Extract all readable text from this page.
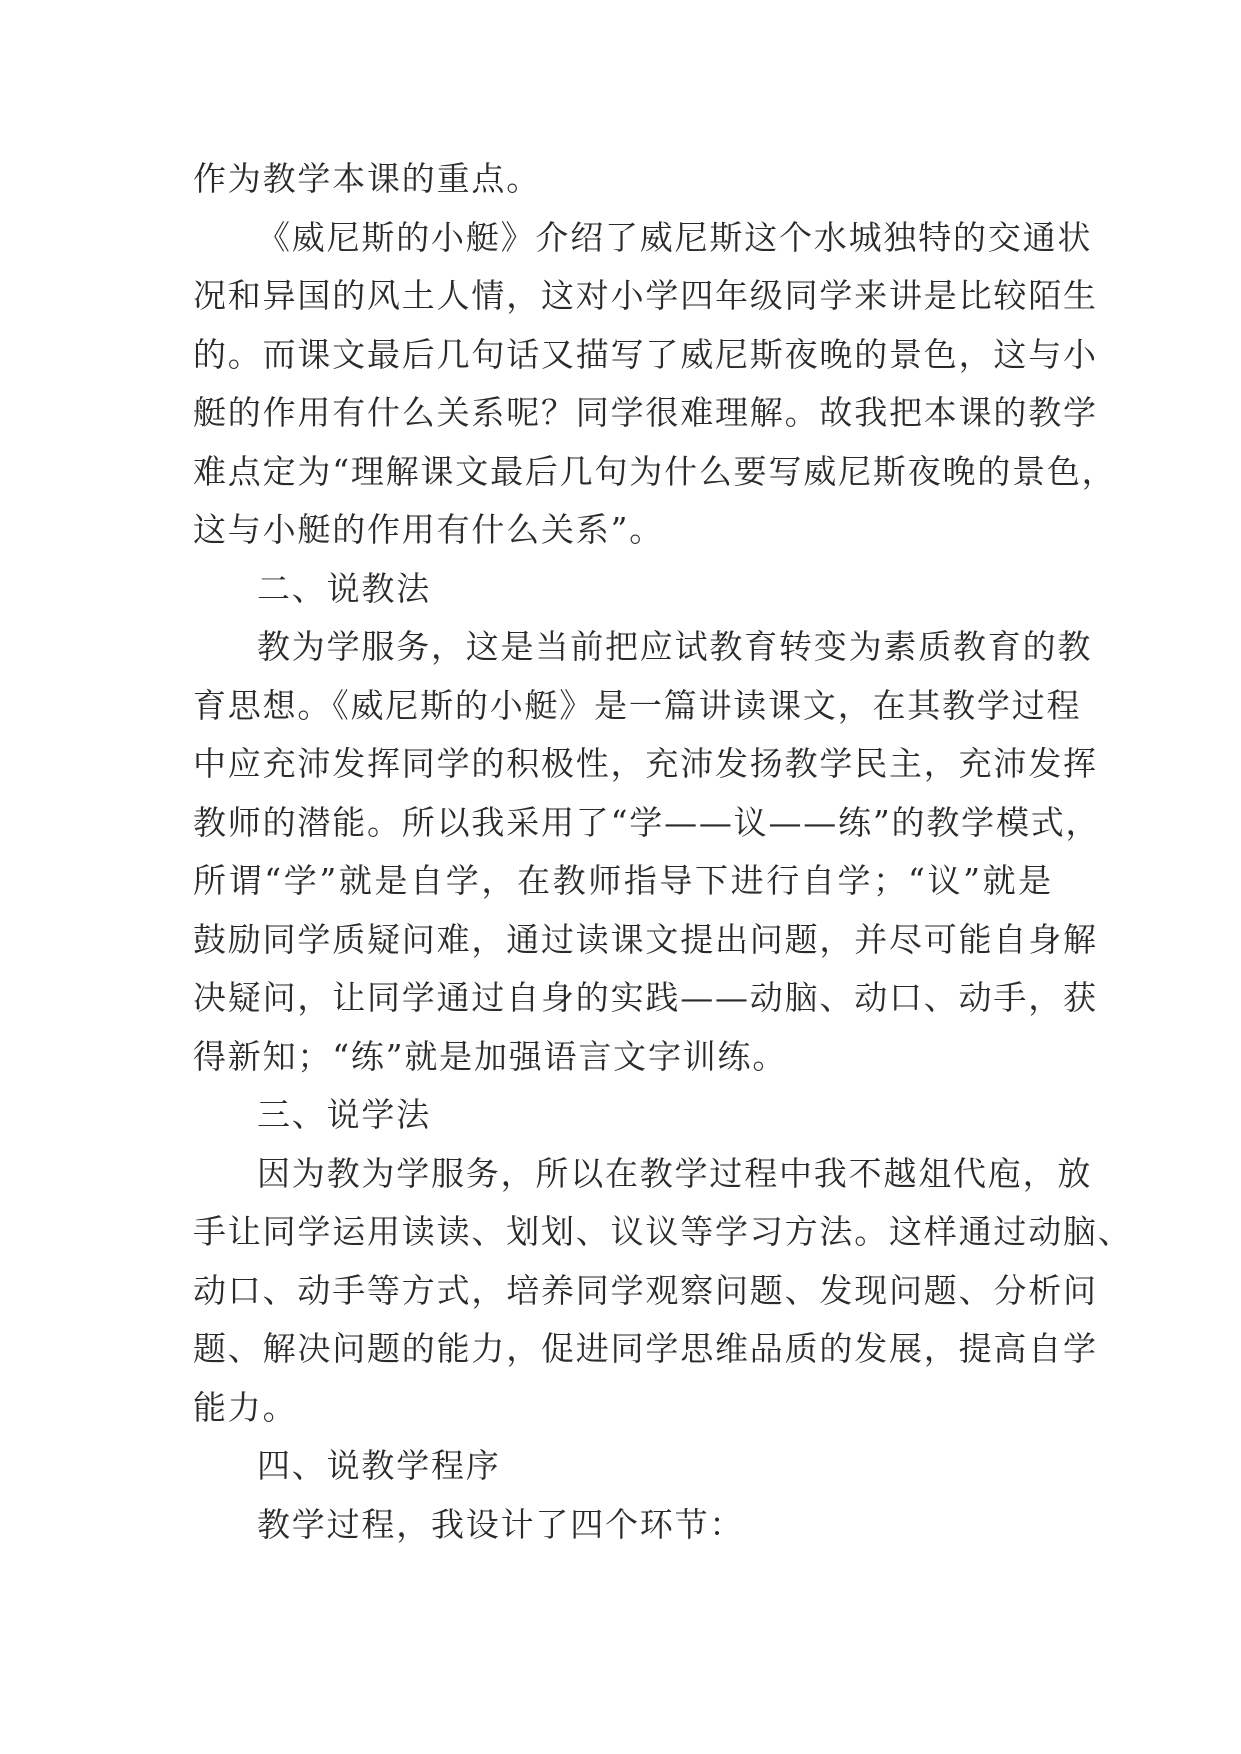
作为教学本课的重点。
《威尼斯的小艇》介绍了威尼斯这个水城独特的交通状
况和异国的风土人情，这对小学四年级同学来讲是比较陌生
的。而课文最后几句话又描写了威尼斯夜晚的景色，这与小
艇的作用有什么关系呢？同学很难理解。故我把本课的教学
难点定为“理解课文最后几句为什么要写威尼斯夜晚的景色，
这与小艇的作用有什么关系”。
二、说教法
教为学服务，这是当前把应试教育转变为素质教育的教
育思想。《威尼斯的小艇》是一篇讲读课文，在其教学过程
中应充沛发挥同学的积极性，充沛发扬教学民主，充沛发挥
教师的潜能。所以我采用了“学——议——练”的教学模式，
所谓“学”就是自学，在教师指导下进行自学；“议”就是
鼓励同学质疑问难，通过读课文提出问题，并尽可能自身解
决疑问，让同学通过自身的实践——动脑、动口、动手，获
得新知；“练”就是加强语言文字训练。
三、说学法
因为教为学服务，所以在教学过程中我不越俎代庖，放
手让同学运用读读、划划、议议等学习方法。这样通过动脑、
动口、动手等方式，培养同学观察问题、发现问题、分析问
题、解决问题的能力，促进同学思维品质的发展，提高自学
能力。
四、说教学程序
教学过程，我设计了四个环节：
